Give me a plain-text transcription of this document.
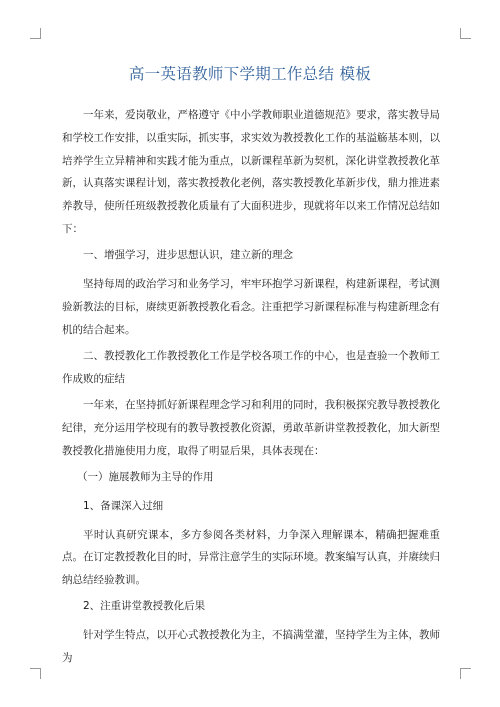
高一英语教师下学期工作总结 模板

一年来，爱岗敬业，严格遵守《中小学教师职业道德规范》要求，落实教导局和学校工作安排，以重实际，抓实事，求实效为教授教化工作的基溢觞基本则，以培养学生立异精神和实践才能为重点，以新课程革新为契机，深化讲堂教授教化革新，认真落实课程计划，落实教授教化老例，落实教授教化革新步伐，鼎力推进素养教导，使所任班级教授教化质量有了大面积进步，现就将年以来工作情况总结如下：

一、增强学习，进步思想认识，建立新的理念

坚持每周的政治学习和业务学习，牢牢环抱学习新课程，构建新课程，考试测验新教法的目标，赓续更新教授教化看念。注重把学习新课程标准与构建新理念有机的结合起来。

二、教授教化工作教授教化工作是学校各项工作的中心，也是查验一个教师工作成败的症结

一年来，在坚持抓好新课程理念学习和利用的同时，我积极探究教导教授教化纪律，充分运用学校现有的教导教授教化资源，勇敢革新讲堂教授教化，加大新型教授教化措施使用力度，取得了明显后果，具体表现在：

（一）施展教师为主导的作用

1、备课深入过细

平时认真研究课本，多方参阅各类材料，力争深入理解课本，精确把握难重点。在订定教授教化目的时，异常注意学生的实际环境。教案编写认真，并赓续归纳总结经验教训。

2、注重讲堂教授教化后果

针对学生特点，以开心式教授教化为主，不搞满堂灌，坚持学生为主体，教师为
